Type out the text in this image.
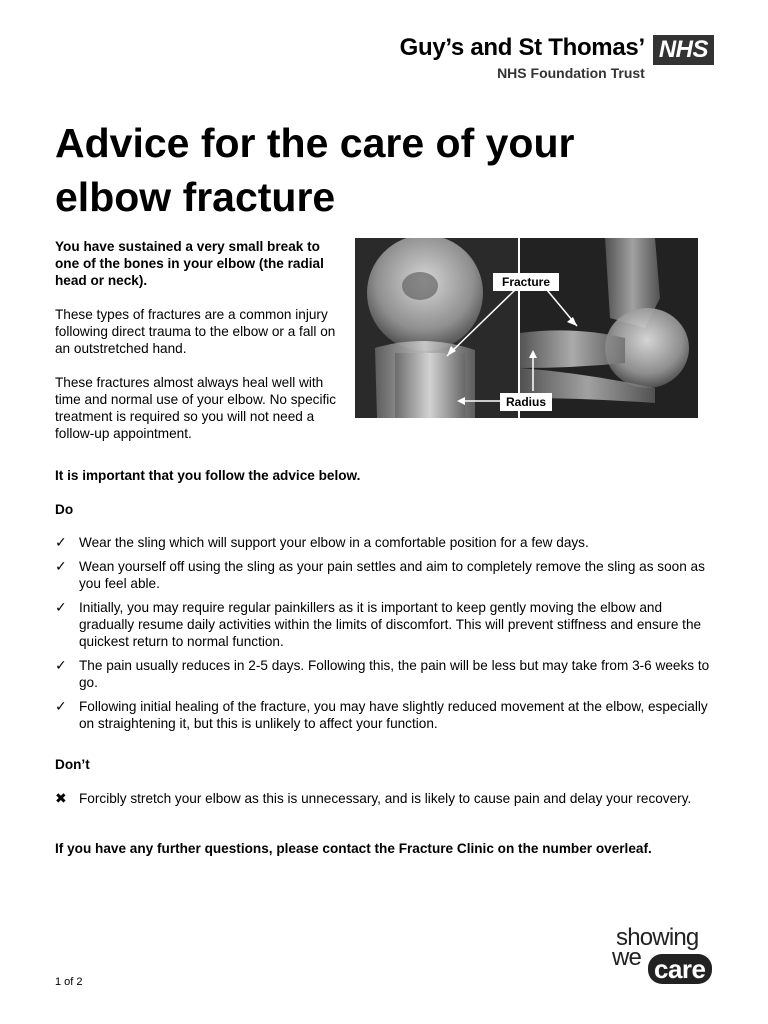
Guy’s and St Thomas’
NHS Foundation Trust
NHS
Advice for the care of your elbow fracture

You have sustained a very small break to one of the bones in your elbow (the radial head or neck).

These types of fractures are a common injury following direct trauma to the elbow or a fall on an outstretched hand.

These fractures almost always heal well with time and normal use of your elbow. No specific treatment is required so you will not need a follow-up appointment.

Fracture
Radius
It is important that you follow the advice below.
Do
✓ Wear the sling which will support your elbow in a comfortable position for a few days.
✓ Wean yourself off using the sling as your pain settles and aim to completely remove the sling as soon as you feel able.
✓ Initially, you may require regular painkillers as it is important to keep gently moving the elbow and gradually resume daily activities within the limits of discomfort. This will prevent stiffness and ensure the quickest return to normal function.
✓ The pain usually reduces in 2-5 days. Following this, the pain will be less but may take from 3-6 weeks to go.
✓ Following initial healing of the fracture, you may have slightly reduced movement at the elbow, especially on straightening it, but this is unlikely to affect your function.
Don’t
✖ Forcibly stretch your elbow as this is unnecessary, and is likely to cause pain and delay your recovery.
If you have any further questions, please contact the Fracture Clinic on the number overleaf.
1 of 2
showing
we care
